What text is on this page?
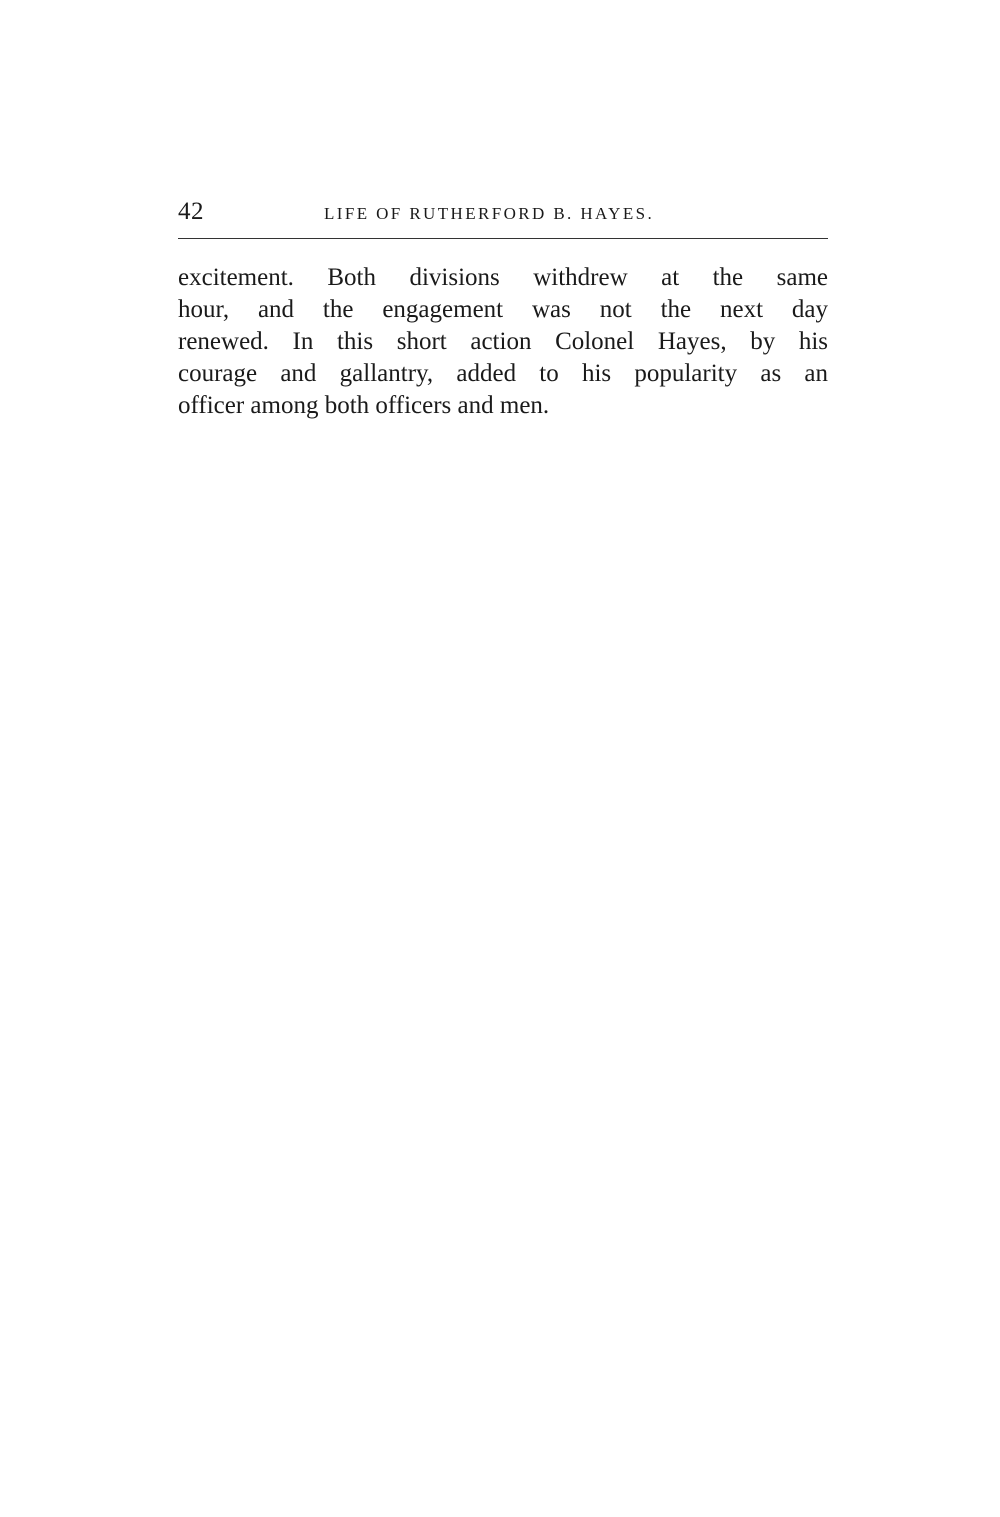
42	LIFE OF RUTHERFORD B. HAYES.

excitement. Both divisions withdrew at the same
hour, and the engagement was not the next day
renewed. In this short action Colonel Hayes, by his
courage and gallantry, added to his popularity as an
officer among both officers and men.
